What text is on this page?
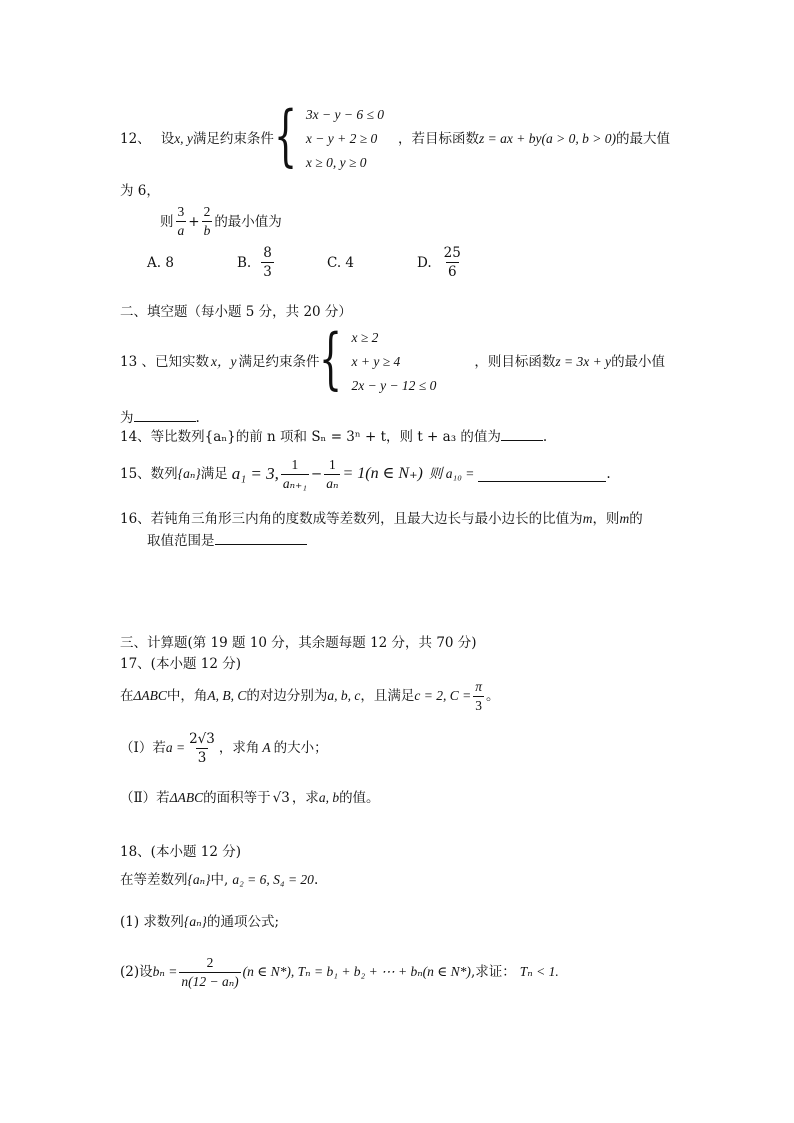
12、 设 x, y 满足约束条件 { 3x − y − 6 ≤ 0
x − y + 2 ≥ 0
x ≥ 0, y ≥ 0
，若目标函数 z = ax + by(a > 0, b > 0) 的最大值
为 6，
则 $\frac{3}{a} + \frac{2}{b}$ 的最小值为
A. 8	B. $\frac{8}{3}$	C. 4	D. $\frac{25}{6}$
二、填空题（每小题 5 分，共 20 分）
13 、已知实数 x，y 满足约束条件 { x ≥ 2
x + y ≥ 4
2x − y − 12 ≤ 0
，则目标函数 z = 3x + y 的最小值
为	.
14、等比数列{aₙ}的前 n 项和 Sₙ = 3ⁿ + t，则 t + a₃ 的值为	.
15、数列 {aₙ} 满足 a₁ = 3, $\frac{1}{\text{aₙ₊₁}} - \frac{1}{\text{aₙ}} = 1(n$ ∈ N₊) 则 a₁₀ =	.
16、若钝角三角形三内角的度数成等差数列，且最大边长与最小边长的比值为m，则m的
取值范围是
三、计算题(第 19 题 10 分，其余题每题 12 分，共 70 分)
17、(本小题 12 分)
在 ΔABC 中，角 A, B, C 的对边分别为 a, b, c ，且满足 c = 2, $C = \frac{\pi}{3}$ 。
（Ⅰ）若 $a = \frac{2√3}{3}$ ，求角 A 的大小；
（Ⅱ）若ΔABC的面积等于 √3 ，求a, b的值。
18、(本小题 12 分)
在等差数列{aₙ}中, a₂ = 6, S₄ = 20.
(1) 求数列{aₙ}的通项公式;
(2)设 $b_n = \frac{2}{\text{n(12 − aₙ)}} (n$ ∈ N*), Tₙ = b₁ + b₂ + ⋯ + bₙ(n ∈ N*) ,求证： Tₙ < 1.
